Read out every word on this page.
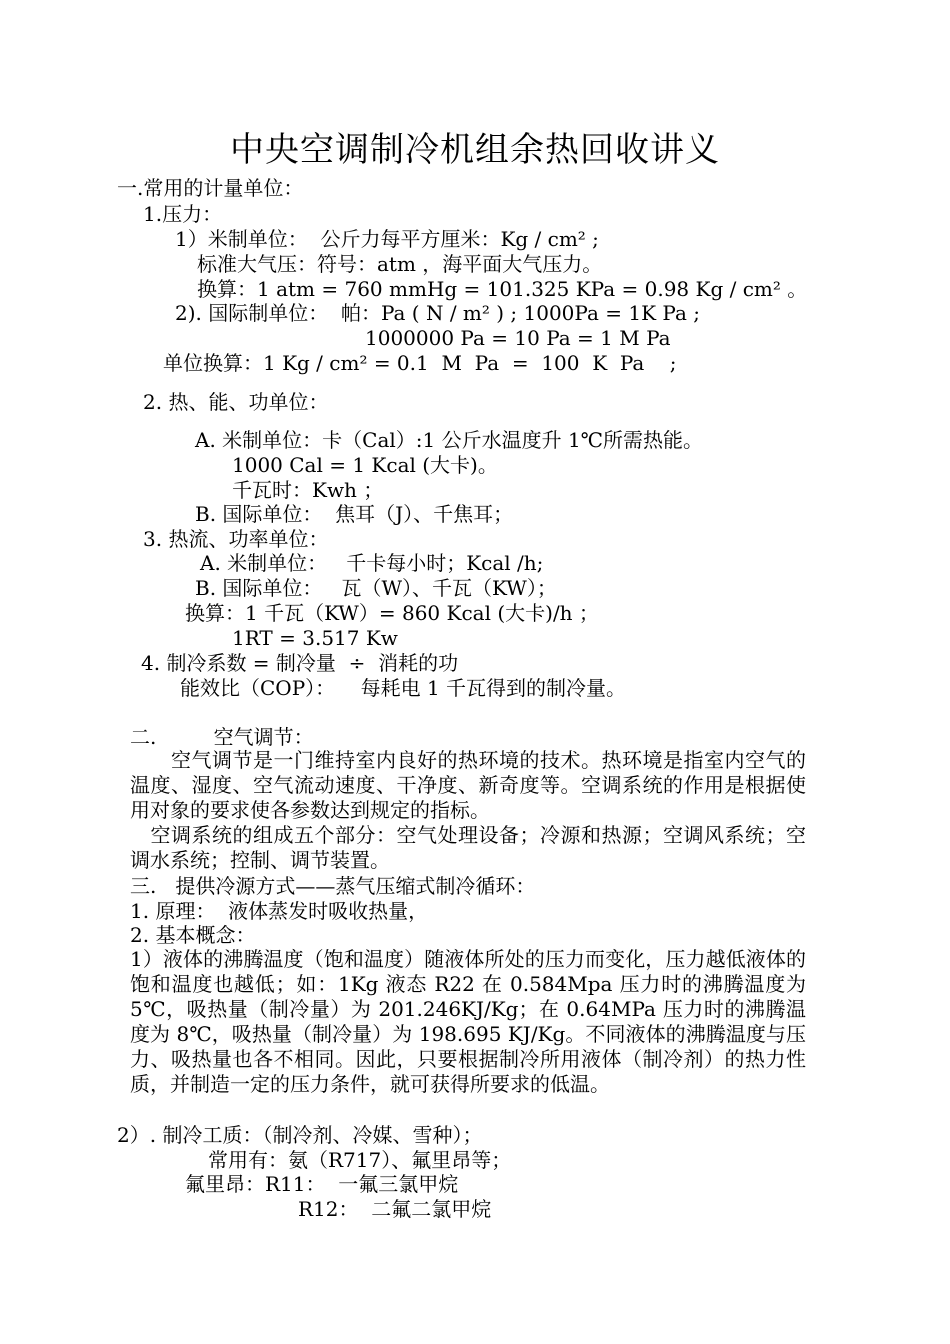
中央空调制冷机组余热回收讲义
一.常用的计量单位：
1.压力：
1）米制单位：  公斤力每平方厘米：Kg / cm² ;
标准大气压：符号：atm ，海平面大气压力。
换算：1 atm = 760 mmHg = 101.325 KPa = 0.98 Kg / cm² 。
2). 国际制单位：  帕：Pa ( N / m² ) ; 1000Pa = 1K Pa ;
1000000 Pa = 10 Pa = 1 M Pa
单位换算：1 Kg / cm² = 0.1  M  Pa  =  100  K  Pa    ;
2. 热、能、功单位：
A. 米制单位：卡（Cal）:1 公斤水温度升 1℃所需热能。
1000 Cal = 1 Kcal (大卡)。
千瓦时：Kwh ；
B. 国际单位：  焦耳（J）、千焦耳；
3. 热流、功率单位：
A. 米制单位：   千卡每小时；Kcal /h;
B. 国际单位：   瓦（W）、千瓦（KW）；
换算：1 千瓦（KW）= 860 Kcal (大卡)/h ；
1RT = 3.517 Kw
4. 制冷系数 = 制冷量  ÷  消耗的功
能效比（COP）：    每耗电 1 千瓦得到的制冷量。
二.         空气调节：
　　空气调节是一门维持室内良好的热环境的技术。热环境是指室内空气的温度、湿度、空气流动速度、干净度、新奇度等。空调系统的作用是根据使用对象的要求使各参数达到规定的指标。
　空调系统的组成五个部分：空气处理设备；冷源和热源；空调风系统；空调水系统；控制、调节装置。
三.   提供冷源方式——蒸气压缩式制冷循环：
1. 原理：  液体蒸发时吸收热量，
2. 基本概念：
1）液体的沸腾温度（饱和温度）随液体所处的压力而变化，压力越低液体的饱和温度也越低；如：1Kg 液态 R22 在 0.584Mpa 压力时的沸腾温度为 5℃，吸热量（制冷量）为 201.246KJ/Kg；在 0.64MPa 压力时的沸腾温度为 8℃，吸热量（制冷量）为 198.695 KJ/Kg。不同液体的沸腾温度与压力、吸热量也各不相同。因此，只要根据制冷所用液体（制冷剂）的热力性质，并制造一定的压力条件，就可获得所要求的低温。
2）. 制冷工质：（制冷剂、冷媒、雪种）；
常用有：氨（R717）、氟里昂等；
氟里昂：R11：  一氟三氯甲烷
R12：  二氟二氯甲烷
